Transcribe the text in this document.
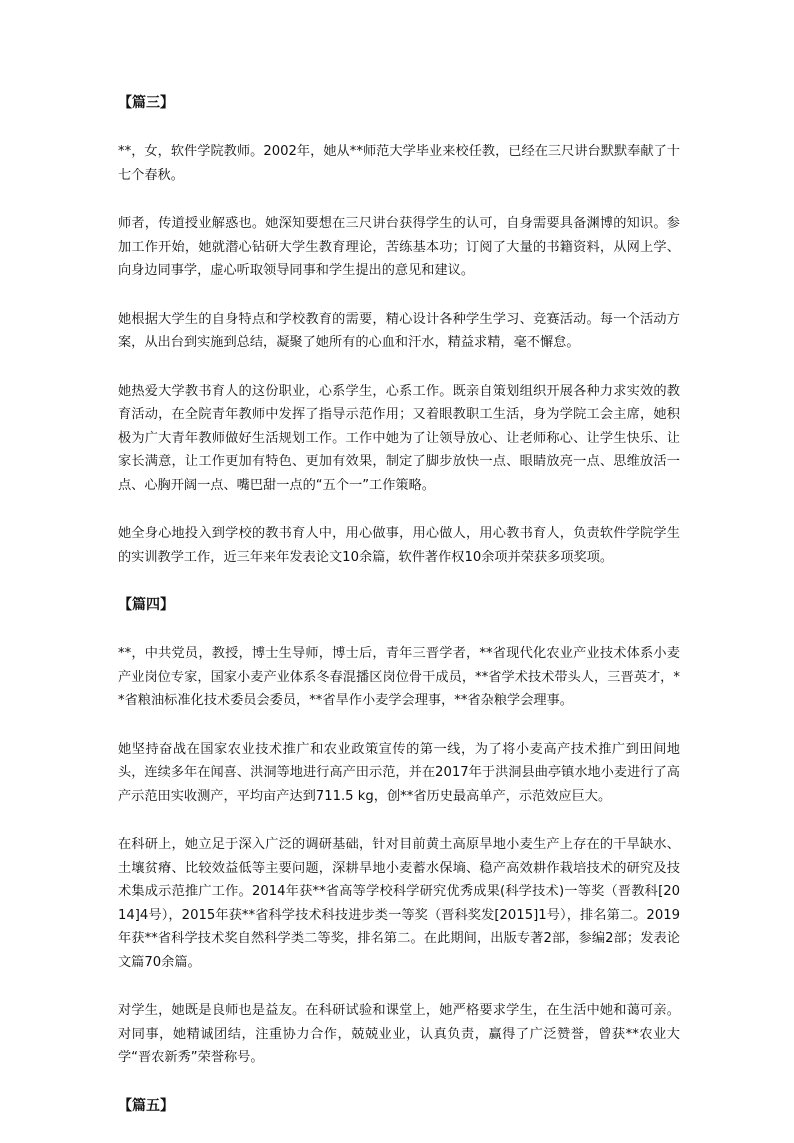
【篇三】

**，女，软件学院教师。2002年，她从**师范大学毕业来校任教，已经在三尺讲台默默奉献了十七个春秋。

师者，传道授业解惑也。她深知要想在三尺讲台获得学生的认可，自身需要具备渊博的知识。参加工作开始，她就潜心钻研大学生教育理论，苦练基本功；订阅了大量的书籍资料，从网上学、向身边同事学，虚心听取领导同事和学生提出的意见和建议。

她根据大学生的自身特点和学校教育的需要，精心设计各种学生学习、竞赛活动。每一个活动方案，从出台到实施到总结，凝聚了她所有的心血和汗水，精益求精，毫不懈怠。

她热爱大学教书育人的这份职业，心系学生，心系工作。既亲自策划组织开展各种力求实效的教育活动，在全院青年教师中发挥了指导示范作用；又着眼教职工生活，身为学院工会主席，她积极为广大青年教师做好生活规划工作。工作中她为了让领导放心、让老师称心、让学生快乐、让家长满意，让工作更加有特色、更加有效果，制定了脚步放快一点、眼睛放亮一点、思维放活一点、心胸开阔一点、嘴巴甜一点的“五个一”工作策略。

她全身心地投入到学校的教书育人中，用心做事，用心做人，用心教书育人，负责软件学院学生的实训教学工作，近三年来年发表论文10余篇，软件著作权10余项并荣获多项奖项。

【篇四】

**，中共党员，教授，博士生导师，博士后，青年三晋学者，**省现代化农业产业技术体系小麦产业岗位专家，国家小麦产业体系冬春混播区岗位骨干成员，**省学术技术带头人，三晋英才，**省粮油标准化技术委员会委员，**省旱作小麦学会理事，**省杂粮学会理事。

她坚持奋战在国家农业技术推广和农业政策宣传的第一线，为了将小麦高产技术推广到田间地头，连续多年在闻喜、洪洞等地进行高产田示范，并在2017年于洪洞县曲亭镇水地小麦进行了高产示范田实收测产，平均亩产达到711.5 kg，创**省历史最高单产，示范效应巨大。

在科研上，她立足于深入广泛的调研基础，针对目前黄土高原旱地小麦生产上存在的干旱缺水、土壤贫瘠、比较效益低等主要问题，深耕旱地小麦蓄水保墒、稳产高效耕作栽培技术的研究及技术集成示范推广工作。2014年获**省高等学校科学研究优秀成果(科学技术)一等奖（晋教科[2014]4号），2015年获**省科学技术科技进步类一等奖（晋科奖发[2015]1号），排名第二。2019年获**省科学技术奖自然科学类二等奖，排名第二。在此期间，出版专著2部，参编2部；发表论文篇70余篇。

对学生，她既是良师也是益友。在科研试验和课堂上，她严格要求学生，在生活中她和蔼可亲。对同事，她精诚团结，注重协力合作，兢兢业业，认真负责，赢得了广泛赞誉，曾获**农业大学“晋农新秀”荣誉称号。

【篇五】
